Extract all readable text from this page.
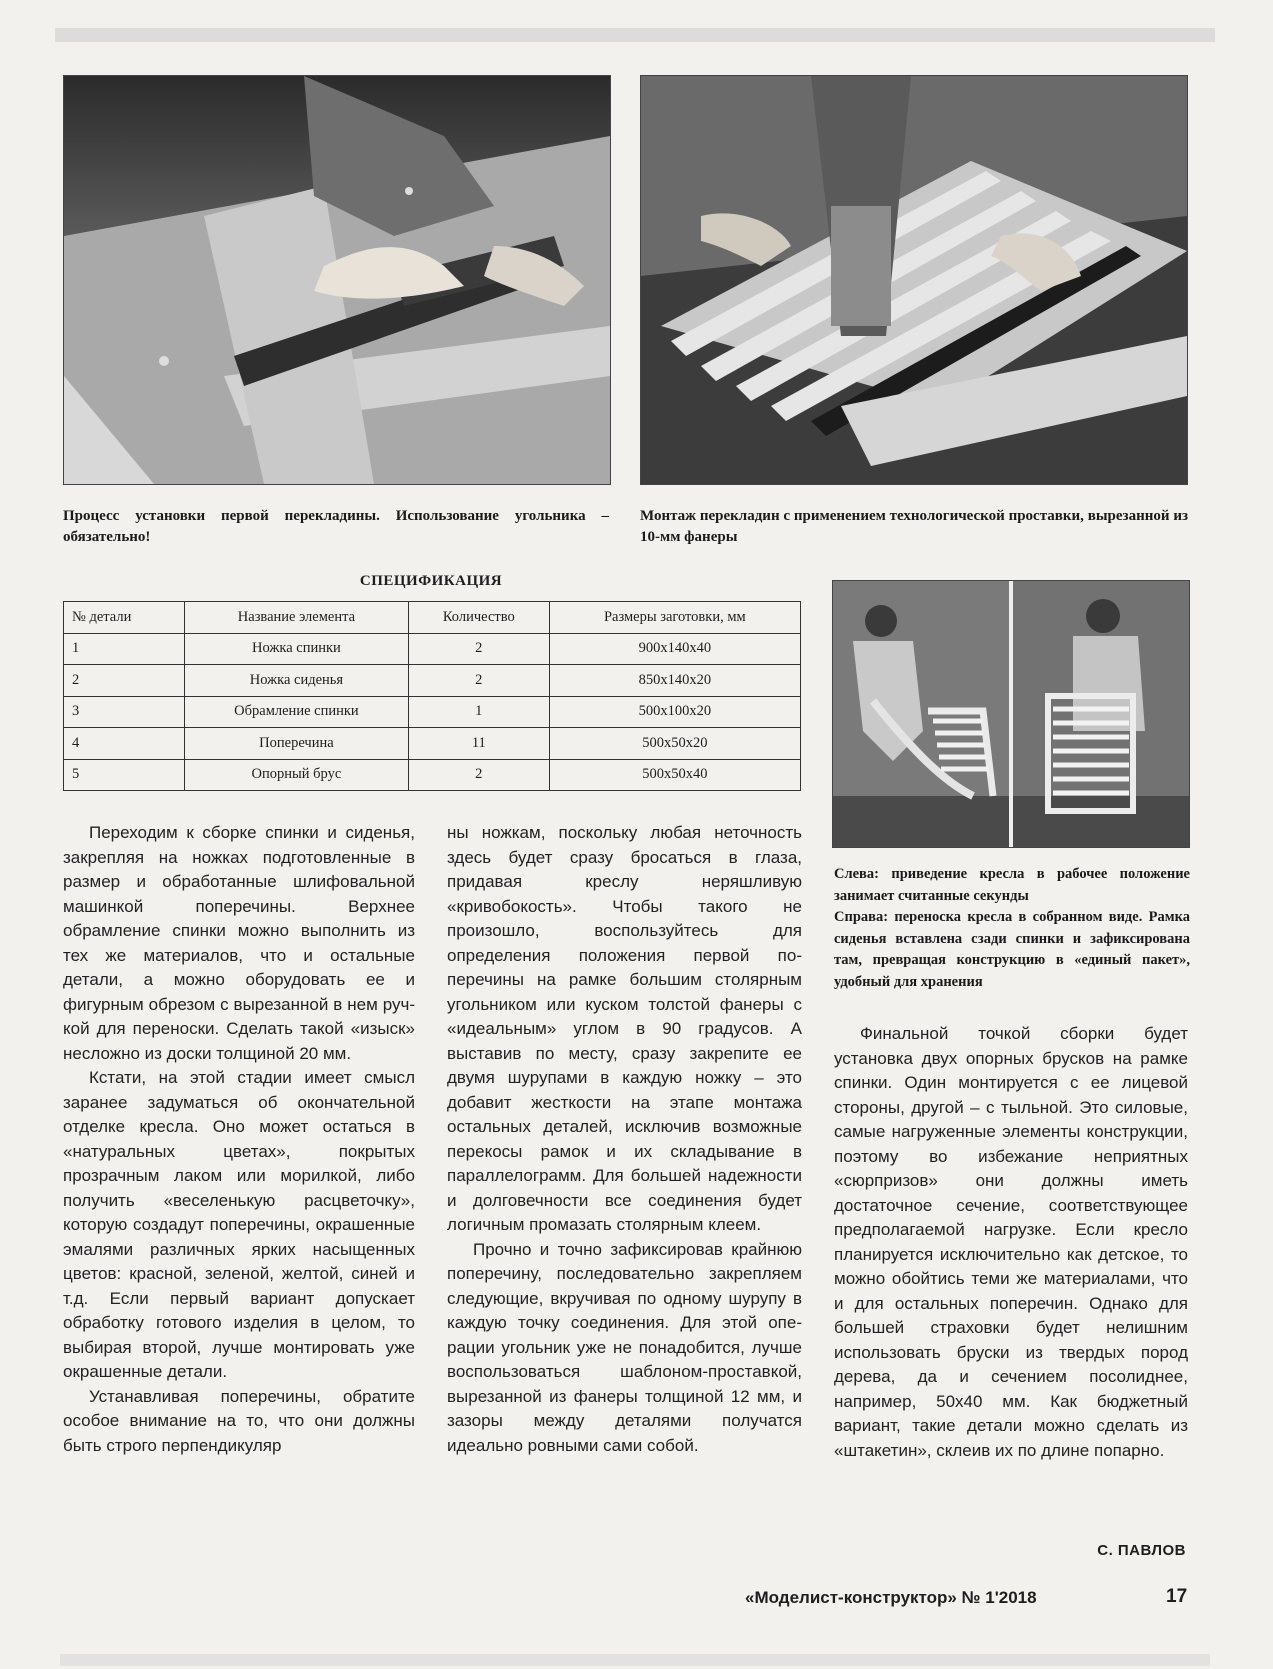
Процесс установки первой перекладины. Использование угольника – обязательно!
Монтаж перекладин с применением технологической проставки, вырезанной из 10-мм фанеры
СПЕЦИФИКАЦИЯ
№ детали	Название элемента	Количество	Размеры заготовки, мм
1	Ножка спинки	2	900х140х40
2	Ножка сиденья	2	850х140х20
3	Обрамление спинки	1	500х100х20
4	Поперечина	11	500х50х20
5	Опорный брус	2	500х50х40
Слева: приведение кресла в рабочее положение занимает считанные секунды
Справа: переноска кресла в собранном виде. Рамка сиденья вставлена сзади спинки и зафиксирована там, превращая конструкцию в «единый пакет», удобный для хранения

Переходим к сборке спинки и сиденья, закрепляя на ножках подготовленные в размер и обработанные шлифовальной машинкой поперечины. Верхнее обрамление спинки можно выполнить из тех же материалов, что и остальные детали, а можно оборудовать ее и фигурным обрезом с вырезанной в нем ручкой для переноски. Сделать такой «изыск» несложно из доски толщиной 20 мм.

Кстати, на этой стадии имеет смысл заранее задуматься об окончательной отделке кресла. Оно может остаться в «натуральных цветах», покрытых прозрачным лаком или морилкой, либо получить «веселенькую расцветочку», которую создадут поперечины, окрашенные эмалями различных ярких насыщенных цветов: красной, зеленой, желтой, синей и т.д. Если первый вариант допускает обработку готового изделия в целом, то выбирая второй, лучше монтировать уже окрашенные детали.

Устанавливая поперечины, обратите особое внимание на то, что они должны быть строго перпендикуляр

ны ножкам, поскольку любая неточность здесь будет сразу бросаться в глаза, придавая креслу неряшливую «кривобокость». Чтобы такого не произошло, воспользуйтесь для определения положения первой поперечины на рамке большим столярным угольником или куском толстой фанеры с «идеальным» углом в 90 градусов. А выставив по месту, сразу закрепите ее двумя шурупами в каждую ножку – это добавит жесткости на этапе монтажа остальных деталей, исключив возможные перекосы рамок и их складывание в параллелограмм. Для большей надежности и долговечности все соединения будет логичным промазать столярным клеем.

Прочно и точно зафиксировав крайнюю поперечину, последовательно закрепляем следующие, вкручивая по одному шурупу в каждую точку соединения. Для этой операции угольник уже не понадобится, лучше воспользоваться шаблоном-проставкой, вырезанной из фанеры толщиной 12 мм, и зазоры между деталями получатся идеально ровными сами собой.

Финальной точкой сборки будет установка двух опорных брусков на рамке спинки. Один монтируется с ее лицевой стороны, другой – с тыльной. Это силовые, самые нагруженные элементы конструкции, поэтому во избежание неприятных «сюрпризов» они должны иметь достаточное сечение, соответствующее предполагаемой нагрузке. Если кресло планируется исключительно как детское, то можно обойтись теми же материалами, что и для остальных поперечин. Однако для большей страховки будет нелишним использовать бруски из твердых пород дерева, да и сечением посолиднее, например, 50х40 мм. Как бюджетный вариант, такие детали можно сделать из «штакетин», склеив их по длине попарно.

С. ПАВЛОВ
«Моделист-конструктор» № 1'2018	17
